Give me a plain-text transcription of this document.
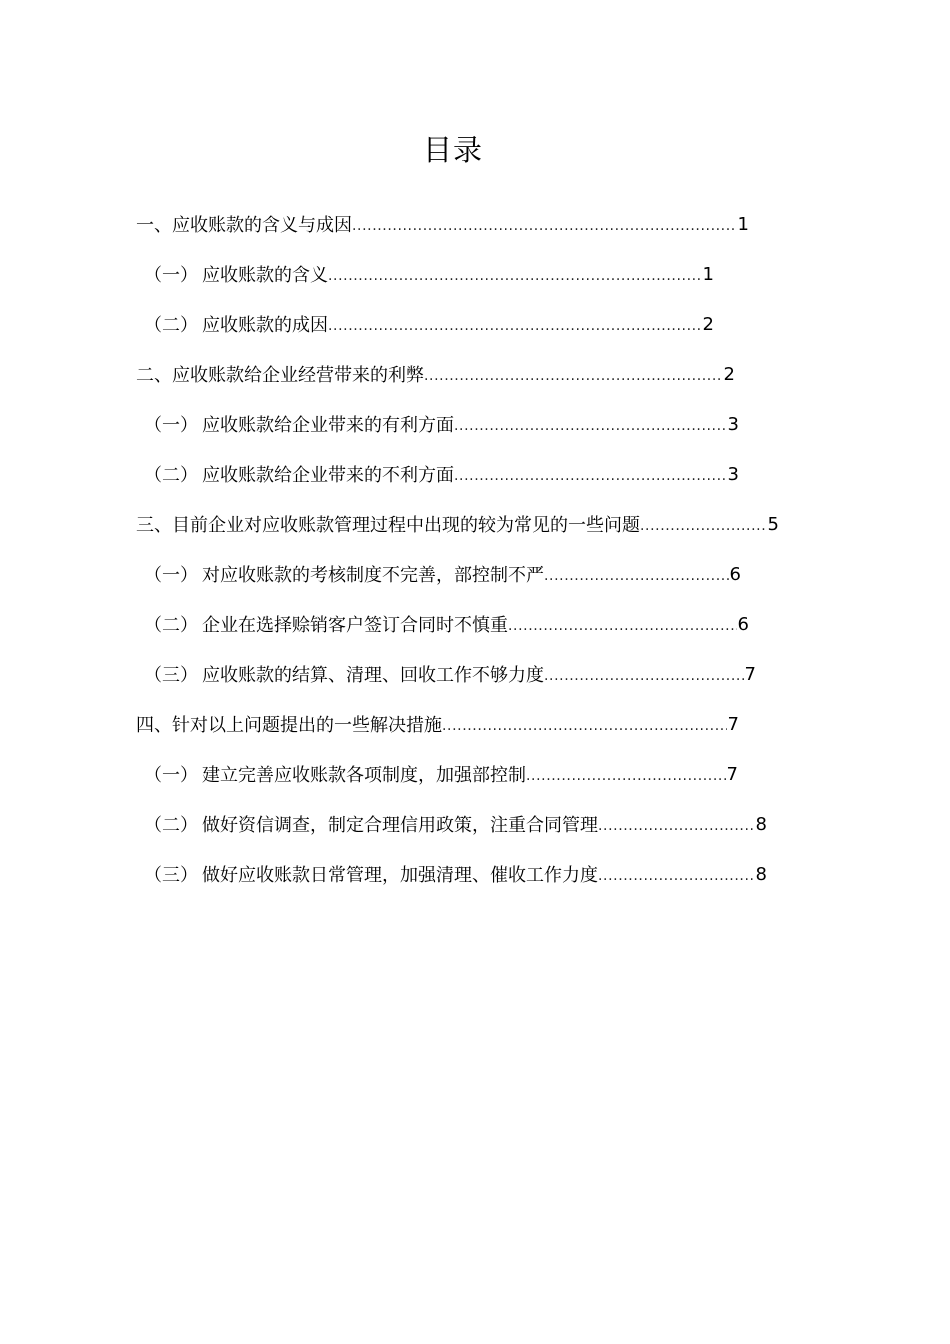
目录
一、 应收账款的含义与成因 .....	1
（一） 应收账款的含义 .....	1
（二） 应收账款的成因 .....	2
二、 应收账款给企业经营带来的利弊 .....	2
（一） 应收账款给企业带来的有利方面 .....	3
（二） 应收账款给企业带来的不利方面 .....	3
三、 目前企业对应收账款管理过程中出现的较为常见的一些问题 .....	5
（一） 对应收账款的考核制度不完善，部控制不严 .....	6
（二） 企业在选择赊销客户签订合同时不慎重 .....	6
（三） 应收账款的结算、清理、回收工作不够力度 .....	7
四、 针对以上问题提出的一些解决措施 .....	7
（一） 建立完善应收账款各项制度，加强部控制 .....	7
（二） 做好资信调查，制定合理信用政策，注重合同管理 .....	8
（三） 做好应收账款日常管理，加强清理、催收工作力度 .....	8
